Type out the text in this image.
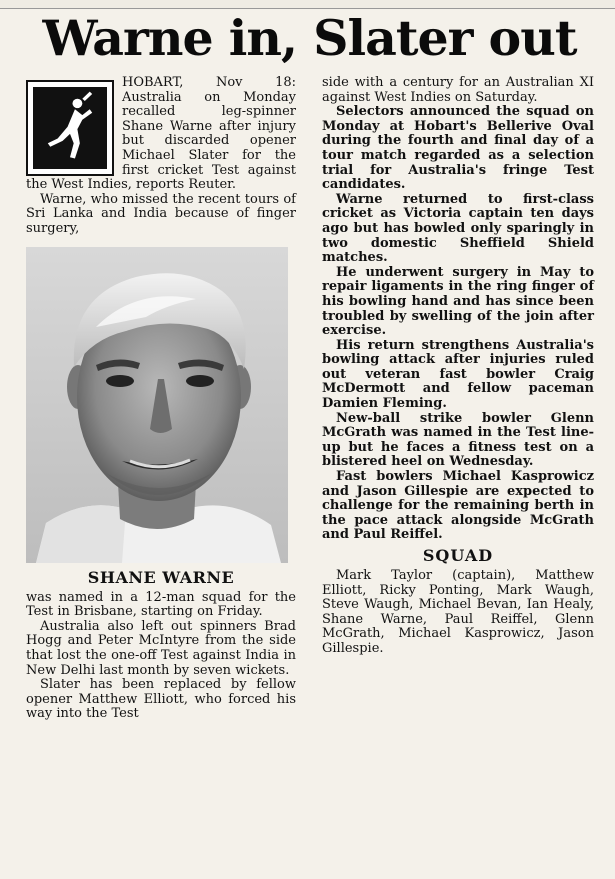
Warne in, Slater out

HOBART, Nov 18: Australia on Monday recalled leg-spinner Shane Warne after injury but discarded opener Michael Slater for the first cricket Test against the West Indies, reports Reuter.

Warne, who missed the recent tours of Sri Lanka and India because of finger surgery,

SHANE WARNE

was named in a 12-man squad for the Test in Brisbane, starting on Friday.

Australia also left out spinners Brad Hogg and Peter McIntyre from the side that lost the one-off Test against India in New Delhi last month by seven wickets.

Slater has been replaced by fellow opener Matthew Elliott, who forced his way into the Test

side with a century for an Australian XI against West Indies on Saturday.

Selectors announced the squad on Monday at Hobart's Bellerive Oval during the fourth and final day of a tour match regarded as a selection trial for Australia's fringe Test candidates.

Warne returned to first-class cricket as Victoria captain ten days ago but has bowled only sparingly in two domestic Sheffield Shield matches.

He underwent surgery in May to repair ligaments in the ring finger of his bowling hand and has since been troubled by swelling of the join after exercise.

His return strengthens Australia's bowling attack after injuries ruled out veteran fast bowler Craig McDermott and fellow paceman Damien Fleming.

New-ball strike bowler Glenn McGrath was named in the Test line-up but he faces a fitness test on a blistered heel on Wednesday.

Fast bowlers Michael Kasprowicz and Jason Gillespie are expected to challenge for the remaining berth in the pace attack alongside McGrath and Paul Reiffel.

SQUAD

Mark Taylor (captain), Matthew Elliott, Ricky Ponting, Mark Waugh, Steve Waugh, Michael Bevan, Ian Healy, Shane Warne, Paul Reiffel, Glenn McGrath, Michael Kasprowicz, Jason Gillespie.
